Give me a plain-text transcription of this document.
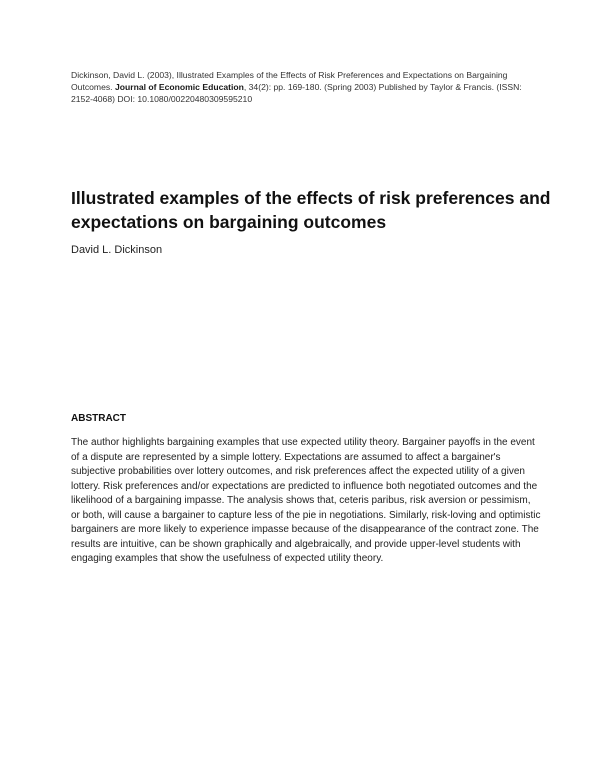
Dickinson, David L. (2003), Illustrated Examples of the Effects of Risk Preferences and Expectations on Bargaining Outcomes. Journal of Economic Education, 34(2): pp. 169-180. (Spring 2003) Published by Taylor & Francis. (ISSN: 2152-4068) DOI: 10.1080/00220480309595210
Illustrated examples of the effects of risk preferences and expectations on bargaining outcomes
David L. Dickinson
ABSTRACT

The author highlights bargaining examples that use expected utility theory. Bargainer payoffs in the event of a dispute are represented by a simple lottery. Expectations are assumed to affect a bargainer's subjective probabilities over lottery outcomes, and risk preferences affect the expected utility of a given lottery. Risk preferences and/or expectations are predicted to influence both negotiated outcomes and the likelihood of a bargaining impasse. The analysis shows that, ceteris paribus, risk aversion or pessimism, or both, will cause a bargainer to capture less of the pie in negotiations. Similarly, risk-loving and optimistic bargainers are more likely to experience impasse because of the disappearance of the contract zone. The results are intuitive, can be shown graphically and algebraically, and provide upper-level students with engaging examples that show the usefulness of expected utility theory.
